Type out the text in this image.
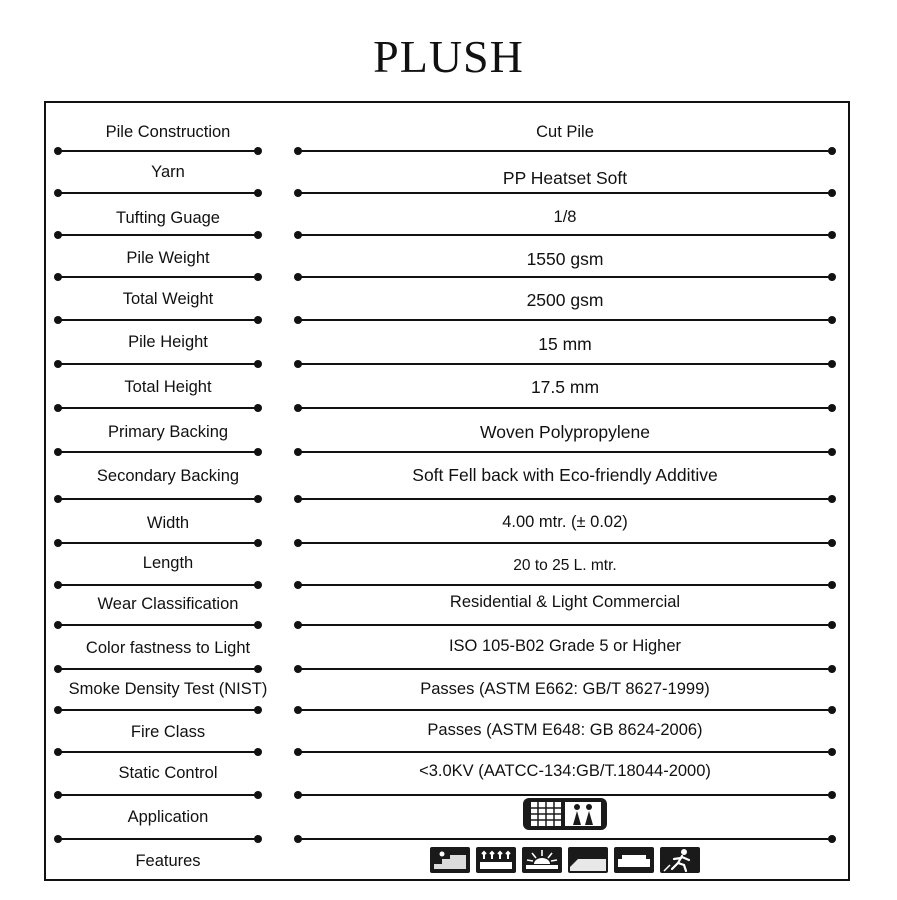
PLUSH
Pile Construction	Cut Pile
Yarn	PP Heatset Soft
Tufting Guage	1/8
Pile Weight	1550 gsm
Total Weight	2500 gsm
Pile Height	15 mm
Total Height	17.5 mm
Primary Backing	Woven Polypropylene
Secondary Backing	Soft Fell back with Eco-friendly Additive
Width	4.00 mtr. (± 0.02)
Length	20 to 25 L. mtr.
Wear Classification	Residential & Light Commercial
Color fastness to Light	ISO 105-B02 Grade 5 or Higher
Smoke Density Test (NIST)	Passes (ASTM E662: GB/T 8627-1999)
Fire Class	Passes (ASTM E648: GB 8624-2006)
Static Control	<3.0KV (AATCC-134:GB/T.18044-2000)
Application
Features
